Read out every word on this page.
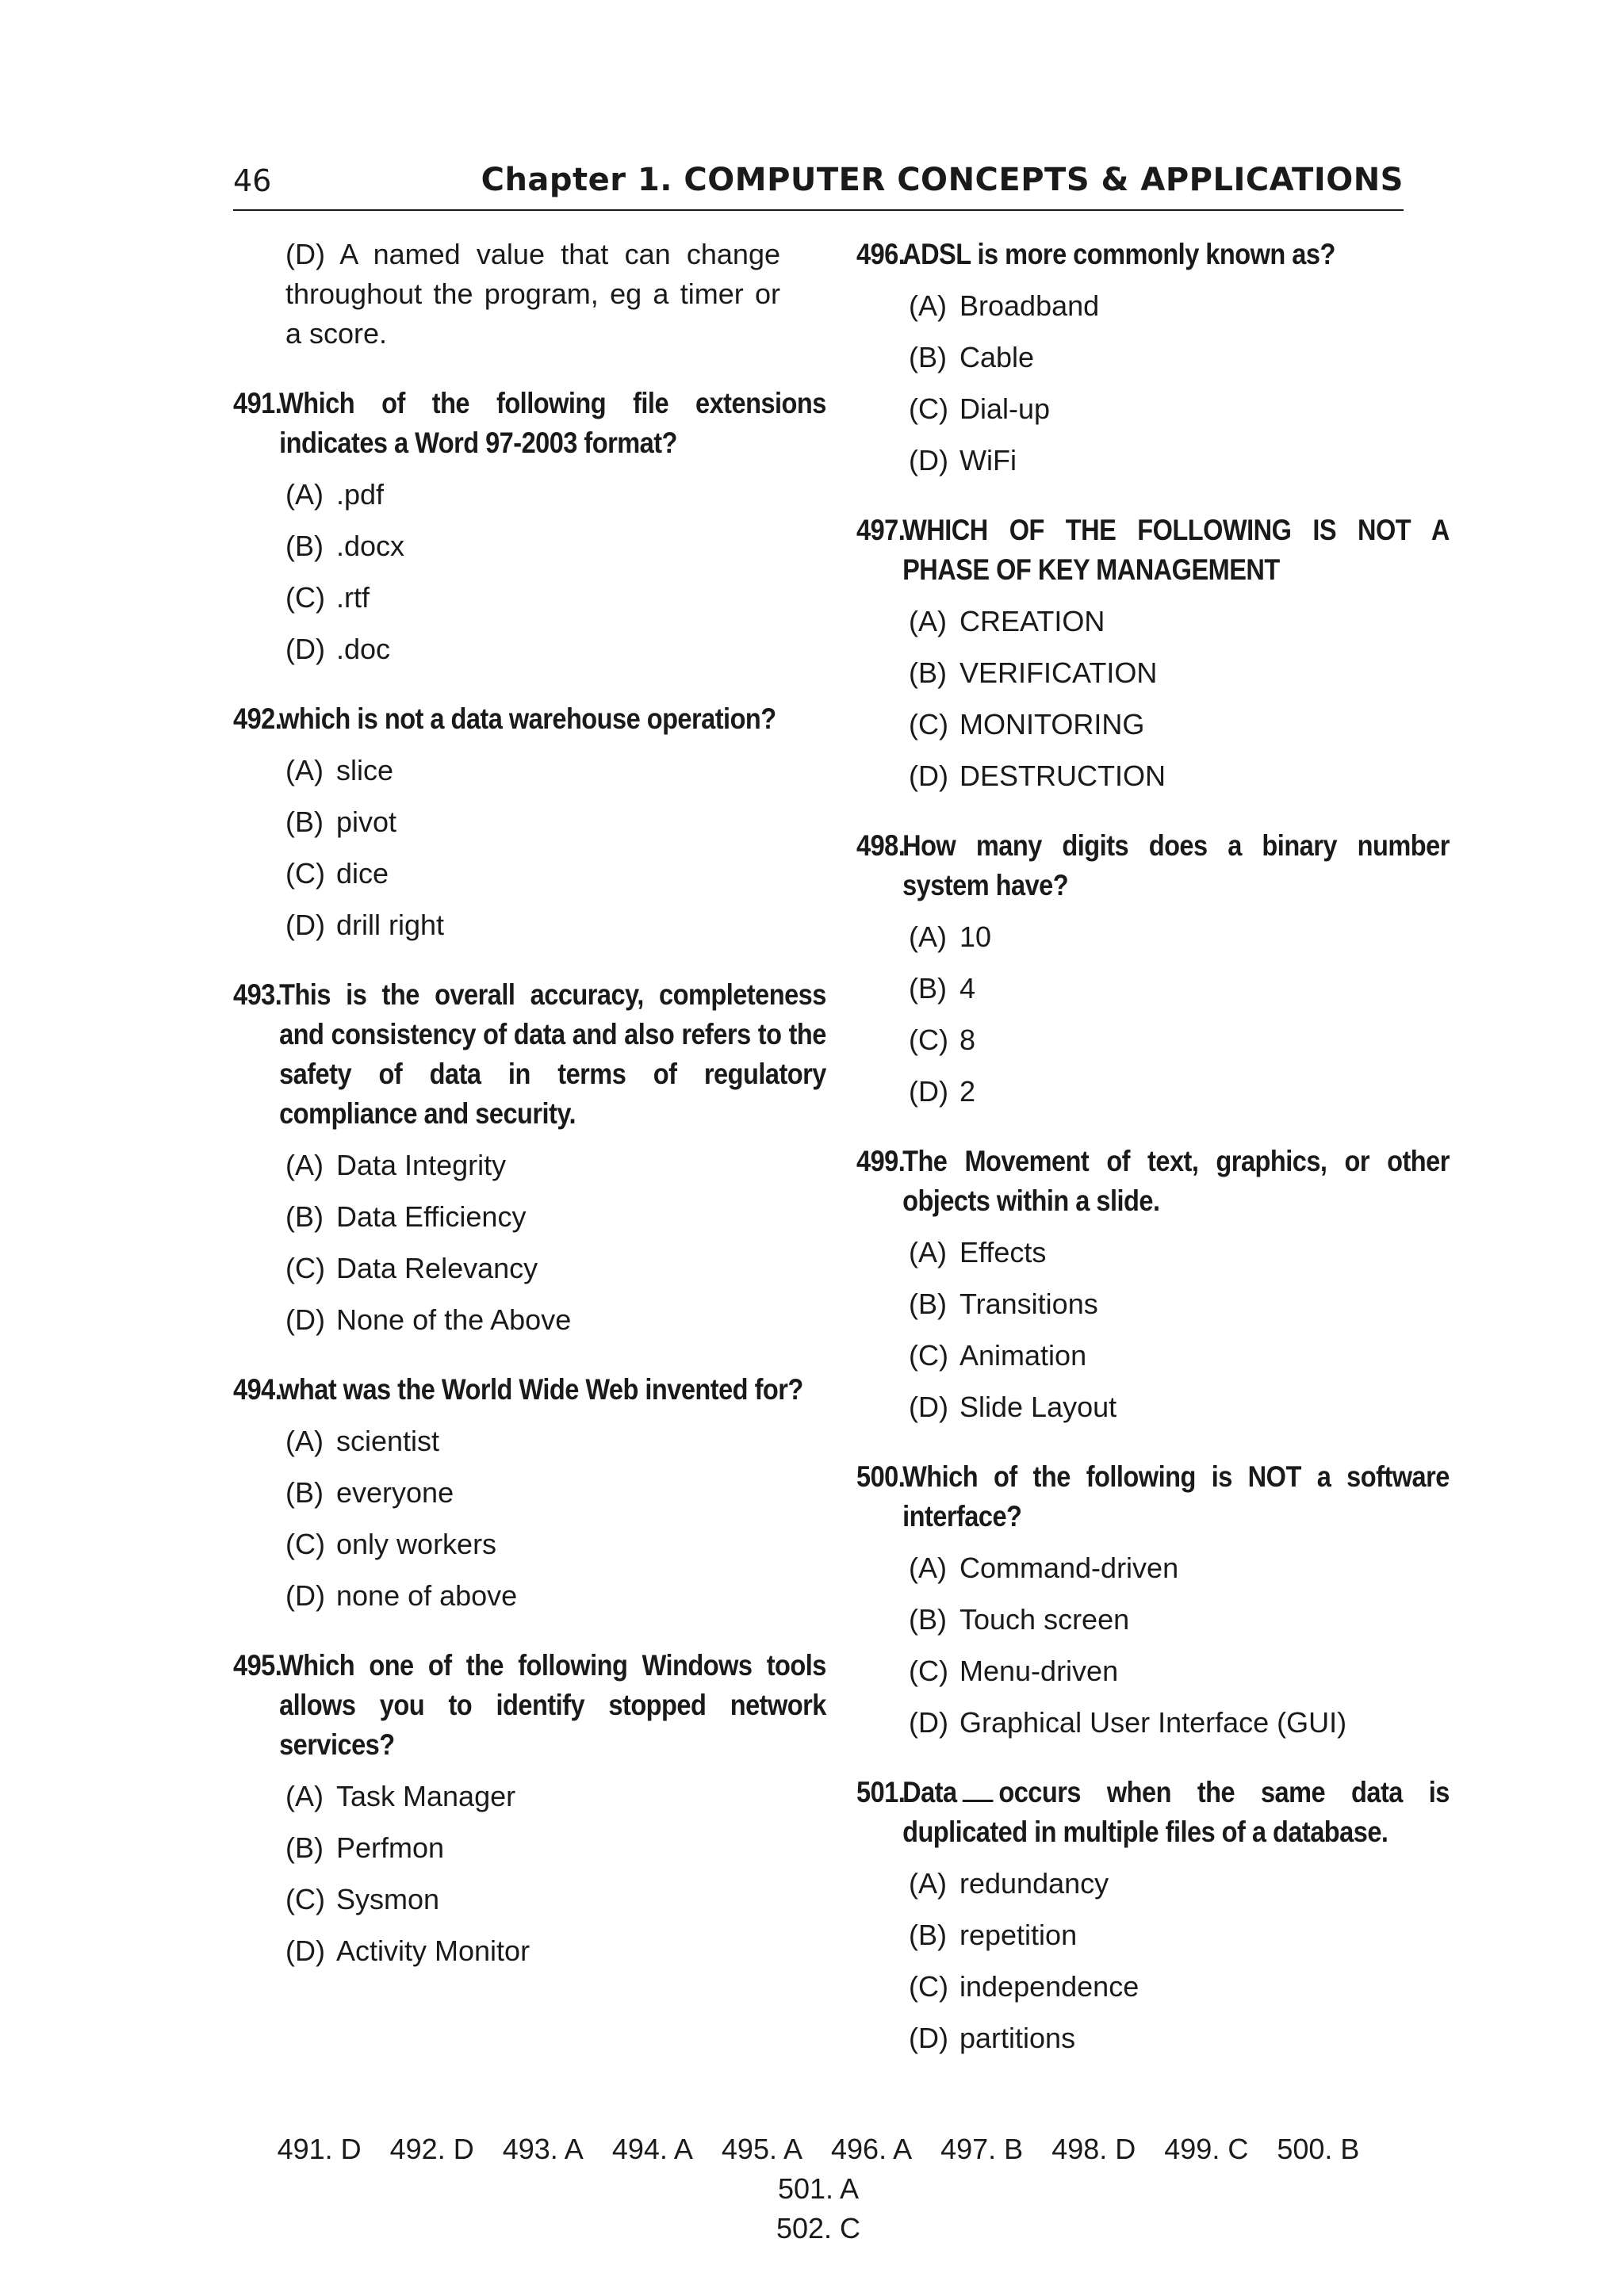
46	Chapter 1. COMPUTER CONCEPTS & APPLICATIONS
(D) A named value that can change throughout the program, eg a timer or a score.
491.
Which of the following file extensions indicates a Word 97-2003 format?
(A) .pdf
(B) .docx
(C) .rtf
(D) .doc
492.
which is not a data warehouse operation?
(A) slice
(B) pivot
(C) dice
(D) drill right
493.
This is the overall accuracy, completeness and consistency of data and also refers to the safety of data in terms of regulatory compliance and security.
(A) Data Integrity
(B) Data Efficiency
(C) Data Relevancy
(D) None of the Above
494.
what was the World Wide Web invented for?
(A) scientist
(B) everyone
(C) only workers
(D) none of above
495.
Which one of the following Windows tools allows you to identify stopped network services?
(A) Task Manager
(B) Perfmon
(C) Sysmon
(D) Activity Monitor
496.
ADSL is more commonly known as?
(A) Broadband
(B) Cable
(C) Dial-up
(D) WiFi
497.
WHICH OF THE FOLLOWING IS NOT A PHASE OF KEY MANAGEMENT
(A) CREATION
(B) VERIFICATION
(C) MONITORING
(D) DESTRUCTION
498.
How many digits does a binary number system have?
(A) 10
(B) 4
(C) 8
(D) 2
499.
The Movement of text, graphics, or other objects within a slide.
(A) Effects
(B) Transitions
(C) Animation
(D) Slide Layout
500.
Which of the following is NOT a software interface?
(A) Command-driven
(B) Touch screen
(C) Menu-driven
(D) Graphical User Interface (GUI)
501.
Data occurs when the same data is duplicated in multiple files of a database.
(A) redundancy
(B) repetition
(C) independence
(D) partitions
491. D 492. D 493. A 494. A 495. A 496. A 497. B 498. D 499. C 500. B501. A
502. C
